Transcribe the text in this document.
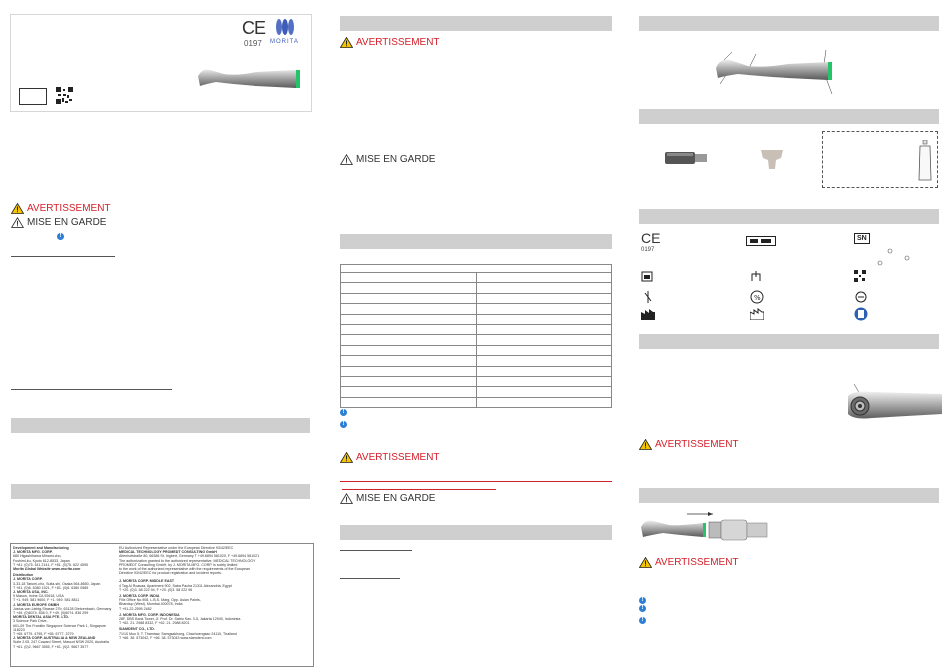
CE
0197 MORITA
AVERTISSEMENT
MISE EN GARDE
!
Development and Manufacturing
J. MORITA MFG. CORP.
680 Higashihama Minami-cho,
Fushimi-ku, Kyoto 612-8533, Japan
T +81. (0)75. 611 2141, F +81. (0)75. 622 4595
Morita Global Website www.morita.com
Distribution
J. MORITA CORP.
3-33-18 Tarumi-cho, Suita-shi, Osaka 564-8650, Japan
T +81. (0)6. 6380 1521, F +81. (0)6. 6380 0585
J. MORITA USA, INC.
9 Mason, Irvine CA 92618, USA
T +1. 949. 581 9600, F +1. 949. 581 8811
J. MORITA EUROPE GMBH
Justus-von-Liebig-Strasse 27b, 63128 Dietzenbach, Germany
T +49. (0)6074. 836 0, F +49. (0)6074. 836 299
MORITA DENTAL ASIA PTE. LTD.
3 Science Park Drive,
#01-09 The Franklin Singapore Science Park 1, Singapore 118223
T +65. 6779. 4795, F +65. 6777. 2279
J. MORITA CORP. AUSTRALIA & NEW ZEALAND
Suite 2.05, 247 Coward Street, Mascot NSW 2020, Australia
T +61. (0)2. 9667 3555, F +61. (0)2. 9667 3577
EU Authorized Representative under the European Directive 93/42/EEC
MEDICAL TECHNOLOGY PROMEDT CONSULTING GmbH
Altenhofstraße 80, 66386 St. Ingbert, Germany T +49.6894 581020, F +49.6894 581021
The authorization granted to the authorized representative, MEDICAL TECHNOLOGY
PROMEDT Consulting GmbH, by J. MORITA MFG. CORP. is solely limited
to the work of the authorized representative with the requirements of the European
Directive 93/42/EEC for product registration and incident reports.
J. MORITA CORP. MIDDLE EAST
4 Tag Al Roasaa, Apartment 902, Saba Pacha 21311 Alexandria, Egypt
T +20. (0)3. 58 222 94, F +20. (0)3. 58 222 96
J. MORITA CORP. INDIA
Filix Office No.908, L.B.S. Marg, Opp. Asian Paints,
Bhandup (West), Mumbai 400078, India
T +91-22-2595 2482
J. MORITA MFG. CORP. INDONESIA
28F, DBS Bank Tower, Jl. Prof. Dr. Satrio Kav. 3-5, Jakarta 12940, Indonesia
T +62. 21. 2988 8332, F +62. 21. 2988 8201
SIAMDENT CO., LTD.
71/10 Moo 5, T. Thamtaw, Samgsakhong, Chachoengsao 24110, Thailand
T +66. 38. 573042, F +66. 38. 573043 www.siamdent.com
AVERTISSEMENT
MISE EN GARDE

!
!
AVERTISSEMENT
MISE EN GARDE
CE
0197
SN
%
AVERTISSEMENT
AVERTISSEMENT
!
!
!
